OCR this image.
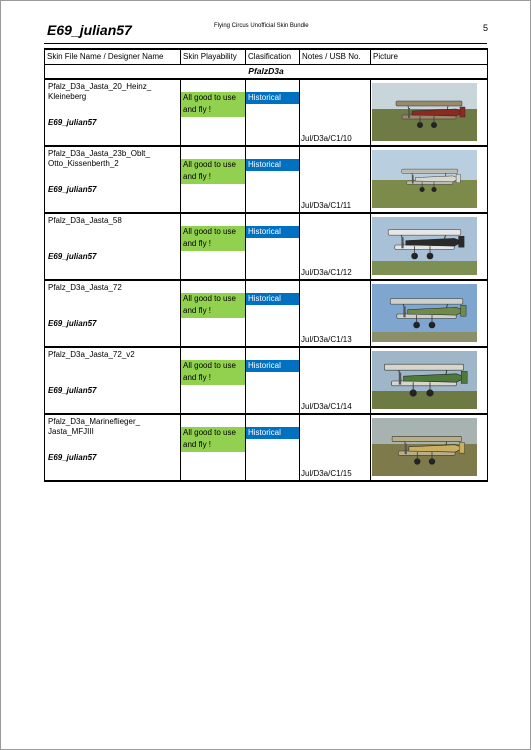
E69_julian57	Flying Circus Unofficial Skin Bundle	5
Skin File Name / Designer Name	Skin Playability	Clasification	Notes / USB No.	Picture
PfalzD3a				

Pfalz_D3a_Jasta_20_Heinz_
Kleineberg
E69_julian57	All good to use and fly !	Historical	Jul/D3a/C1/10

Pfalz_D3a_Jasta_23b_Oblt_
Otto_Kissenberth_2
E69_julian57	All good to use and fly !	Historical	Jul/D3a/C1/11

Pfalz_D3a_Jasta_58
E69_julian57	All good to use and fly !	Historical	Jul/D3a/C1/12

Pfalz_D3a_Jasta_72
E69_julian57	All good to use and fly !	Historical	Jul/D3a/C1/13

Pfalz_D3a_Jasta_72_v2
E69_julian57	All good to use and fly !	Historical	Jul/D3a/C1/14

Pfalz_D3a_Marineflieger_
Jasta_MFJIII
E69_julian57	All good to use and fly !	Historical	Jul/D3a/C1/15
